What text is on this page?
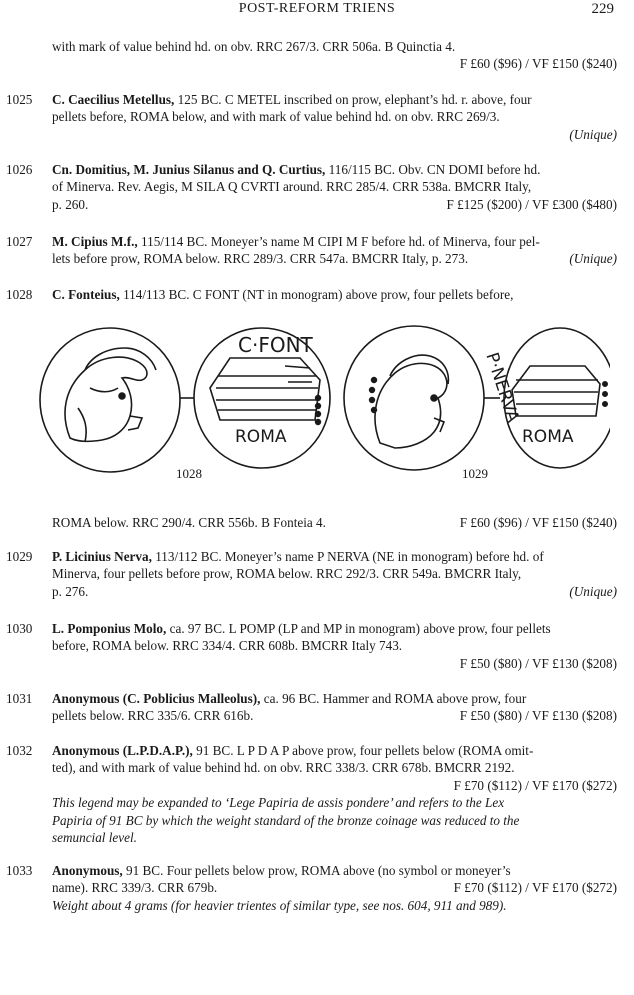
POST-REFORM TRIENS	229
with mark of value behind hd. on obv. RRC 267/3. CRR 506a. B Quinctia 4.
F £60 ($96) / VF £150 ($240)
1025 C. Caecilius Metellus, 125 BC. C METEL inscribed on prow, elephant’s hd. r. above, four
pellets before, ROMA below, and with mark of value behind hd. on obv. RRC 269/3.
(Unique)
1026 Cn. Domitius, M. Junius Silanus and Q. Curtius, 116/115 BC. Obv. CN DOMI before hd.
of Minerva. Rev. Aegis, M SILA Q CVRTI around. RRC 285/4. CRR 538a. BMCRR Italy,
p. 260.	F £125 ($200) / VF £300 ($480)
1027 M. Cipius M.f., 115/114 BC. Moneyer’s name M CIPI M F before hd. of Minerva, four pel-
lets before prow, ROMA below. RRC 289/3. CRR 547a. BMCRR Italy, p. 273.	(Unique)
1028 C. Fonteius, 114/113 BC. C FONT (NT in monogram) above prow, four pellets before,
C·FONT
ROMA
P·NERVA
ROMA
1028	1029
ROMA below. RRC 290/4. CRR 556b. B Fonteia 4.	F £60 ($96) / VF £150 ($240)
1029 P. Licinius Nerva, 113/112 BC. Moneyer’s name P NERVA (NE in monogram) before hd. of
Minerva, four pellets before prow, ROMA below. RRC 292/3. CRR 549a. BMCRR Italy,
p. 276.	(Unique)
1030 L. Pomponius Molo, ca. 97 BC. L POMP (LP and MP in monogram) above prow, four pellets
before, ROMA below. RRC 334/4. CRR 608b. BMCRR Italy 743.
F £50 ($80) / VF £130 ($208)
1031 Anonymous (C. Poblicius Malleolus), ca. 96 BC. Hammer and ROMA above prow, four
pellets below. RRC 335/6. CRR 616b.	F £50 ($80) / VF £130 ($208)
1032 Anonymous (L.P.D.A.P.), 91 BC. L P D A P above prow, four pellets below (ROMA omit-
ted), and with mark of value behind hd. on obv. RRC 338/3. CRR 678b. BMCRR 2192.
F £70 ($112) / VF £170 ($272)
This legend may be expanded to ‘Lege Papiria de assis pondere’ and refers to the Lex
Papiria of 91 BC by which the weight standard of the bronze coinage was reduced to the
semuncial level.
1033 Anonymous, 91 BC. Four pellets below prow, ROMA above (no symbol or moneyer’s
name). RRC 339/3. CRR 679b.	F £70 ($112) / VF £170 ($272)
Weight about 4 grams (for heavier trientes of similar type, see nos. 604, 911 and 989).
